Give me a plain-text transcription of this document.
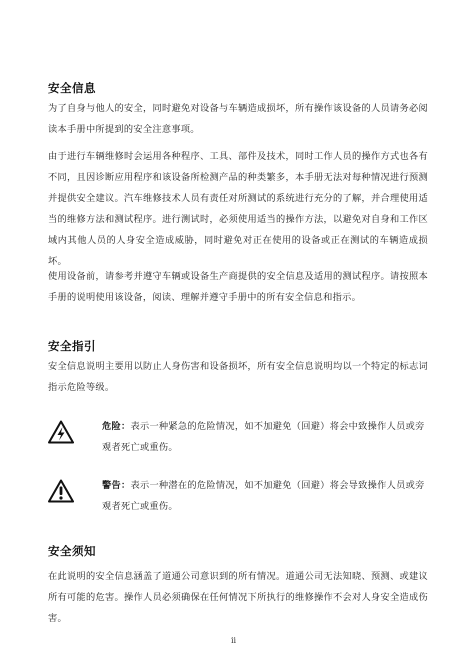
安全信息
为了自身与他人的安全，同时避免对设备与车辆造成损坏，所有操作该设备的人员请务必阅读本手册中所提到的安全注意事项。
由于进行车辆维修时会运用各种程序、工具、部件及技术，同时工作人员的操作方式也各有不同，且因诊断应用程序和该设备所检测产品的种类繁多，本手册无法对每种情况进行预测并提供安全建议。汽车维修技术人员有责任对所测试的系统进行充分的了解，并合理使用适当的维修方法和测试程序。进行测试时，必须使用适当的操作方法，以避免对自身和工作区域内其他人员的人身安全造成威胁，同时避免对正在使用的设备或正在测试的车辆造成损坏。
使用设备前，请参考并遵守车辆或设备生产商提供的安全信息及适用的测试程序。请按照本手册的说明使用该设备，阅读、理解并遵守手册中的所有安全信息和指示。
安全指引
安全信息说明主要用以防止人身伤害和设备损坏，所有安全信息说明均以一个特定的标志词指示危险等级。
危险：表示一种紧急的危险情况，如不加避免（回避）将会中致操作人员或旁观者死亡或重伤。
警告：表示一种潜在的危险情况，如不加避免（回避）将会导致操作人员或旁观者死亡或重伤。
安全须知
在此说明的安全信息涵盖了道通公司意识到的所有情况。道通公司无法知晓、预测、或建议所有可能的危害。操作人员必须确保在任何情况下所执行的维修操作不会对人身安全造成伤害。
ii
